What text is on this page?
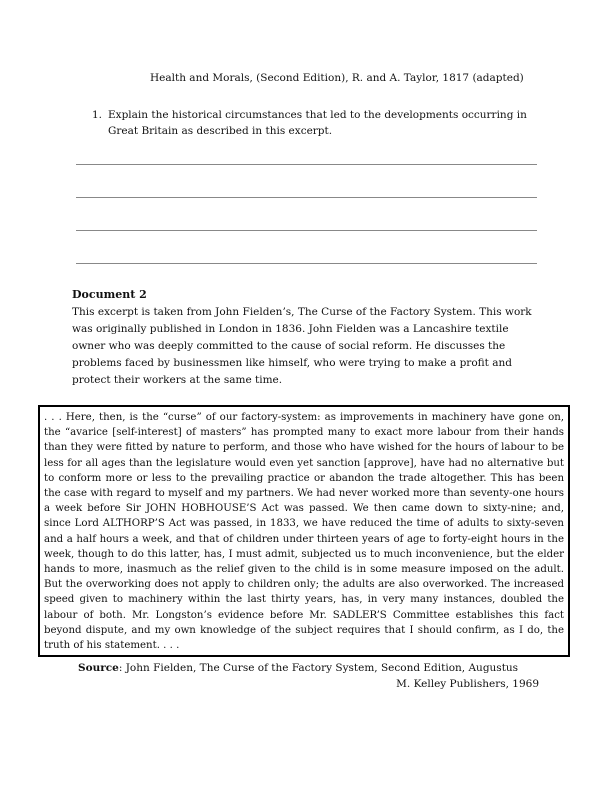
Health and Morals, (Second Edition), R. and A. Taylor, 1817 (adapted)
1. Explain the historical circumstances that led to the developments occurring in Great Britain as described in this excerpt.
Document 2
This excerpt is taken from John Fielden’s, The Curse of the Factory System. This work was originally published in London in 1836. John Fielden was a Lancashire textile owner who was deeply committed to the cause of social reform. He discusses the problems faced by businessmen like himself, who were trying to make a profit and protect their workers at the same time.
. . . Here, then, is the “curse” of our factory-system: as improvements in machinery have gone on, the “avarice [self-interest] of masters” has prompted many to exact more labour from their hands than they were fitted by nature to perform, and those who have wished for the hours of labour to be less for all ages than the legislature would even yet sanction [approve], have had no alternative but to conform more or less to the prevailing practice or abandon the trade altogether. This has been the case with regard to myself and my partners. We had never worked more than seventy-one hours a week before Sir JOHN HOBHOUSE’S Act was passed. We then came down to sixty-nine; and, since Lord ALTHORP’S Act was passed, in 1833, we have reduced the time of adults to sixty-seven and a half hours a week, and that of children under thirteen years of age to forty-eight hours in the week, though to do this latter, has, I must admit, subjected us to much inconvenience, but the elder hands to more, inasmuch as the relief given to the child is in some measure imposed on the adult. But the overworking does not apply to children only; the adults are also overworked. The increased speed given to machinery within the last thirty years, has, in very many instances, doubled the labour of both. Mr. Longston’s evidence before Mr. SADLER’S Committee establishes this fact beyond dispute, and my own knowledge of the subject requires that I should confirm, as I do, the truth of his statement. . . .
Source: John Fielden, The Curse of the Factory System, Second Edition, Augustus
M. Kelley Publishers, 1969
